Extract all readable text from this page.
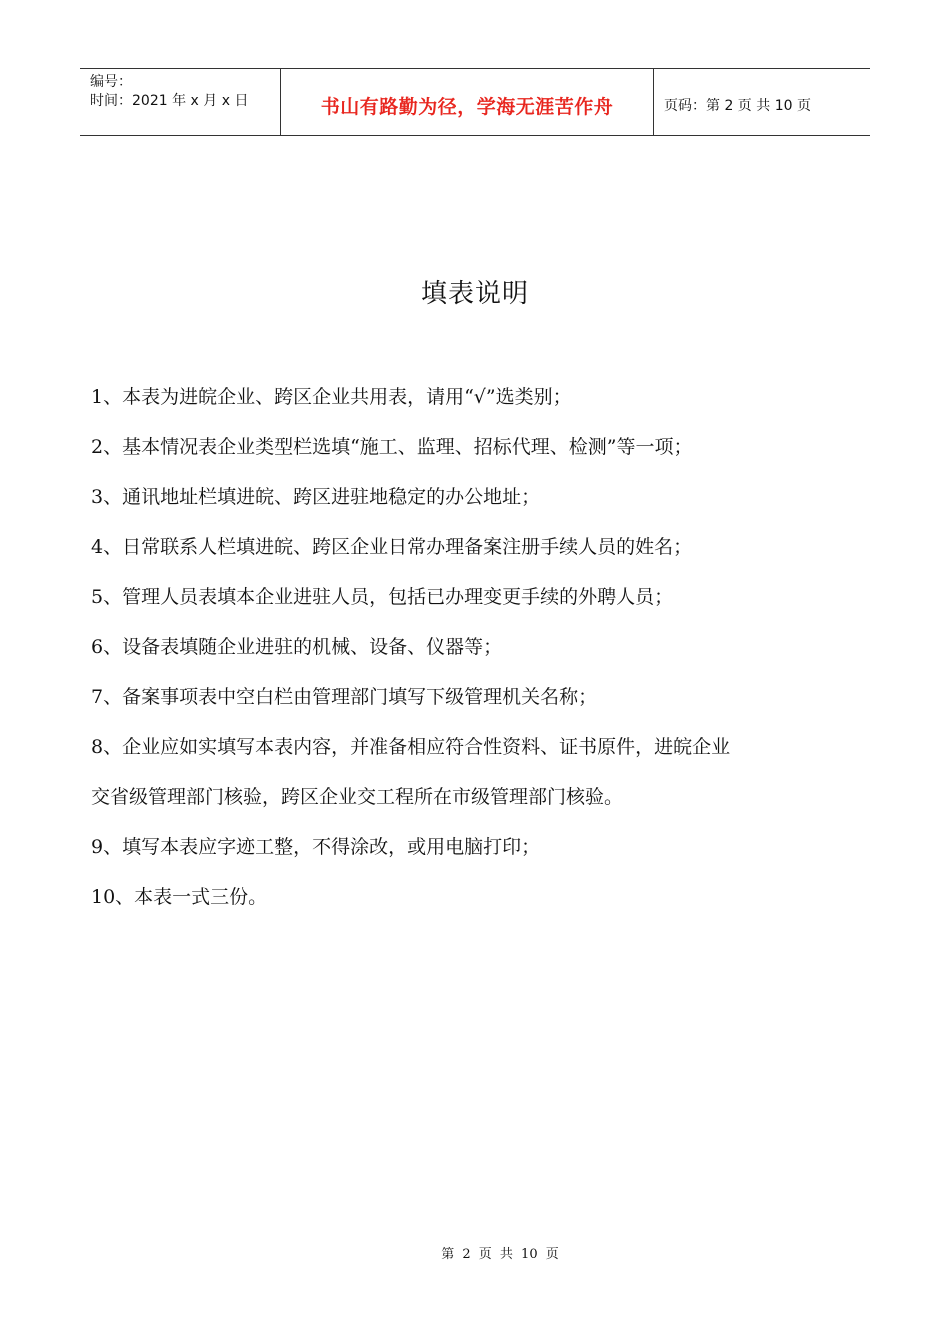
编号：
时间：2021 年 x 月 x 日	书山有路勤为径，学海无涯苦作舟	页码：第 2 页 共 10 页
填表说明

1、本表为进皖企业、跨区企业共用表，请用“√”选类别；

2、基本情况表企业类型栏选填“施工、监理、招标代理、检测”等一项；

3、通讯地址栏填进皖、跨区进驻地稳定的办公地址；

4、日常联系人栏填进皖、跨区企业日常办理备案注册手续人员的姓名；

5、管理人员表填本企业进驻人员，包括已办理变更手续的外聘人员；

6、设备表填随企业进驻的机械、设备、仪器等；

7、备案事项表中空白栏由管理部门填写下级管理机关名称；

8、企业应如实填写本表内容，并准备相应符合性资料、证书原件，进皖企业

交省级管理部门核验，跨区企业交工程所在市级管理部门核验。

9、填写本表应字迹工整，不得涂改，或用电脑打印；

10、本表一式三份。

第 2 页 共 10 页
